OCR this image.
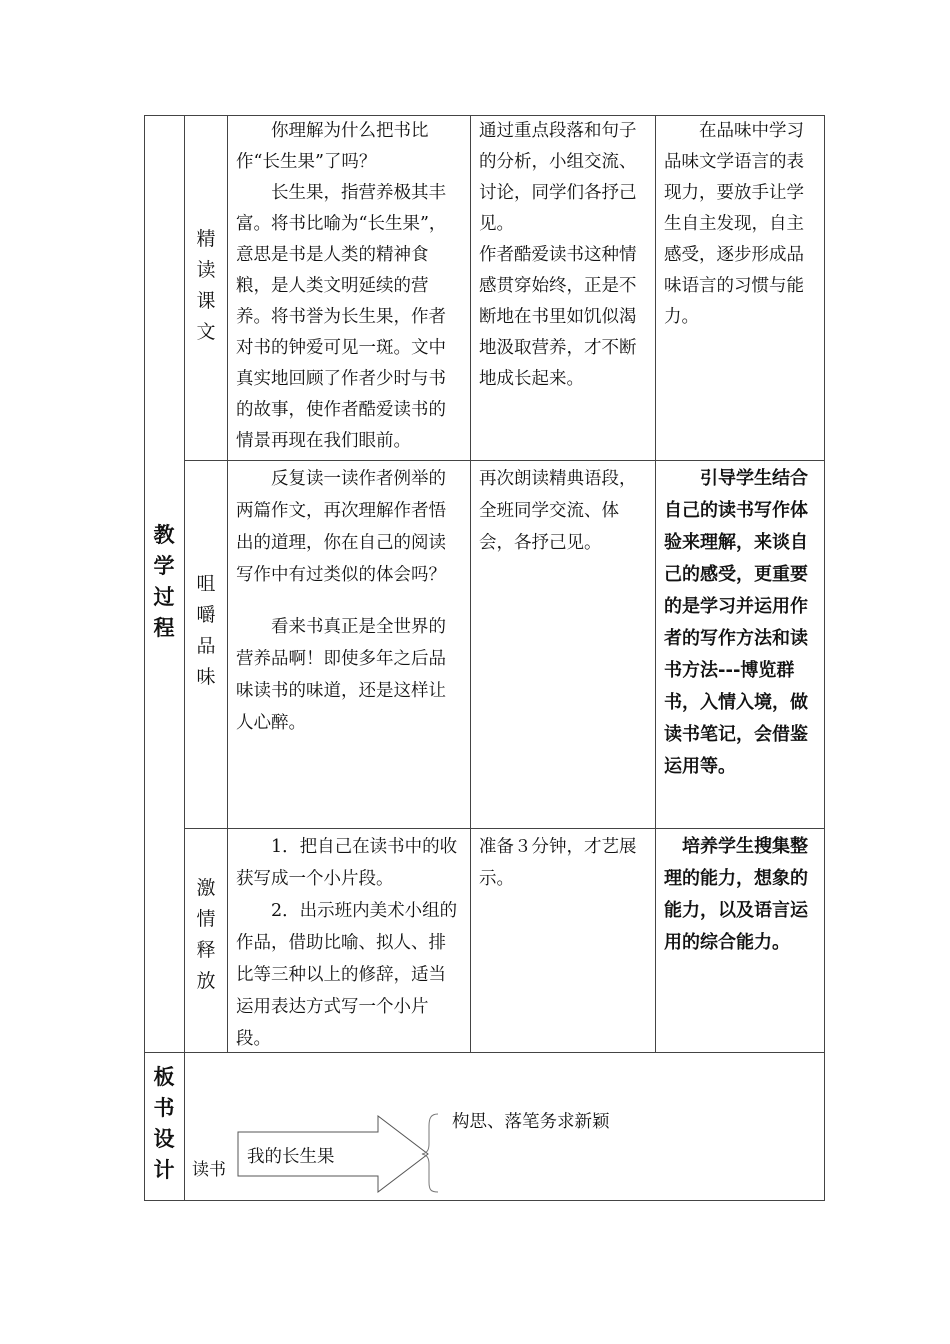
教学过程
板书设计
精读课文

你理解为什么把书比作“长生果”了吗？

长生果，指营养极其丰富。将书比喻为“长生果”，意思是书是人类的精神食粮，是人类文明延续的营养。将书誉为长生果，作者对书的钟爱可见一斑。文中真实地回顾了作者少时与书的故事，使作者酷爱读书的情景再现在我们眼前。

通过重点段落和句子的分析，小组交流、讨论，同学们各抒己见。

作者酷爱读书这种情感贯穿始终，正是不断地在书里如饥似渴地汲取营养，才不断地成长起来。

在品味中学习品味文学语言的表现力，要放手让学生自主发现，自主感受，逐步形成品味语言的习惯与能力。

咀嚼品味

反复读一读作者例举的两篇作文，再次理解作者悟出的道理，你在自己的阅读写作中有过类似的体会吗？

看来书真正是全世界的营养品啊！即使多年之后品味读书的味道，还是这样让人心醉。

再次朗读精典语段，全班同学交流、体会，各抒己见。

引导学生结合自己的读书写作体验来理解，来谈自己的感受，更重要的是学习并运用作者的写作方法和读书方法---博览群书，入情入境，做读书笔记，会借鉴运用等。

激情释放

1．把自己在读书中的收获写成一个小片段。

2．出示班内美术小组的作品，借助比喻、拟人、排比等三种以上的修辞，适当运用表达方式写一个小片段。

准备３分钟，才艺展示。

培养学生搜集整理的能力，想象的能力，以及语言运用的综合能力。

读书
我的长生果
构思、落笔务求新颖
